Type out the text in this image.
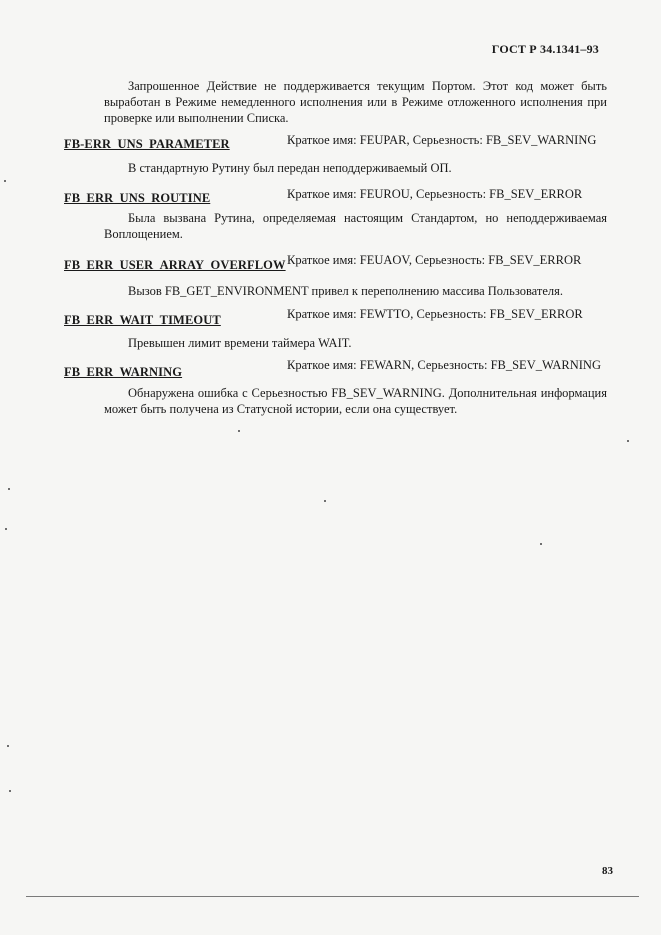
ГОСТ Р 34.1341–93
Запрошенное Действие не поддерживается текущим Портом. Этот код может быть выработан в Режиме немедленного исполнения или в Режиме отложенного исполнения при проверке или выполнении Списка.
FB-ERR_UNS_PARAMETER	Краткое имя: FEUPAR, Серьезность: FB_SEV_WARNING
В стандартную Рутину был передан неподдерживаемый ОП.
FB_ERR_UNS_ROUTINE	Краткое имя: FEUROU, Серьезность: FB_SEV_ERROR
Была вызвана Рутина, определяемая настоящим Стандартом, но неподдерживаемая Воплощением.
FB_ERR_USER_ARRAY_OVERFLOW Краткое имя: FEUAOV, Серьезность: FB_SEV_ERROR
Вызов FB_GET_ENVIRONMENT привел к переполнению массива Пользователя.
FB_ERR_WAIT_TIMEOUT	Краткое имя: FEWTTO, Серьезность: FB_SEV_ERROR
Превышен лимит времени таймера WAIT.
FB_ERR_WARNING	Краткое имя: FEWARN, Серьезность: FB_SEV_WARNING
Обнаружена ошибка с Серьезностью FB_SEV_WARNING. Дополнительная информация может быть получена из Статусной истории, если она существует.
83
